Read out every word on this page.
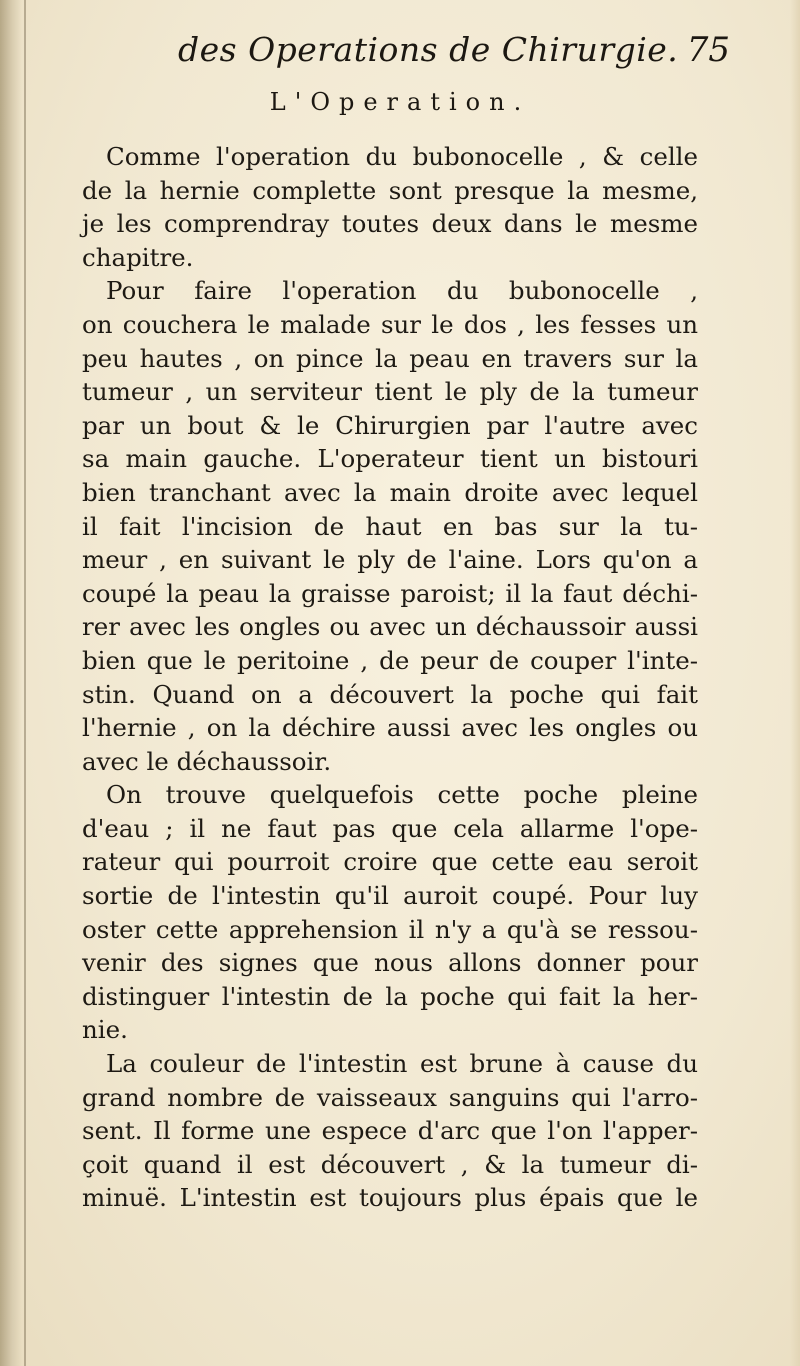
des Operations de Chirurgie. 75
L'Operation.
Comme l'operation du bubonocelle , & celle
de la hernie complette sont presque la mesme,
je les comprendray toutes deux dans le mesme
chapitre.
Pour faire l'operation du bubonocelle ,
on couchera le malade sur le dos , les fesses un
peu hautes , on pince la peau en travers sur la
tumeur , un serviteur tient le ply de la tumeur
par un bout & le Chirurgien par l'autre avec
sa main gauche. L'operateur tient un bistouri
bien tranchant avec la main droite avec lequel
il fait l'incision de haut en bas sur la tu-
meur , en suivant le ply de l'aine. Lors qu'on a
coupé la peau la graisse paroist; il la faut déchi-
rer avec les ongles ou avec un déchaussoir aussi
bien que le peritoine , de peur de couper l'inte-
stin. Quand on a découvert la poche qui fait
l'hernie , on la déchire aussi avec les ongles ou
avec le déchaussoir.
On trouve quelquefois cette poche pleine
d'eau ; il ne faut pas que cela allarme l'ope-
rateur qui pourroit croire que cette eau seroit
sortie de l'intestin qu'il auroit coupé. Pour luy
oster cette apprehension il n'y a qu'à se ressou-
venir des signes que nous allons donner pour
distinguer l'intestin de la poche qui fait la her-
nie.
La couleur de l'intestin est brune à cause du
grand nombre de vaisseaux sanguins qui l'arro-
sent. Il forme une espece d'arc que l'on l'apper-
çoit quand il est découvert , & la tumeur di-
minuë. L'intestin est toujours plus épais que le
